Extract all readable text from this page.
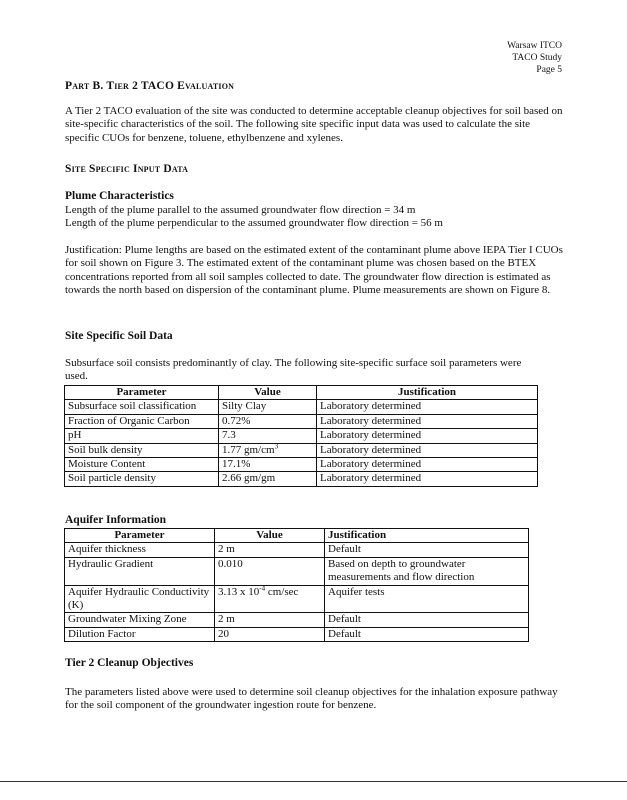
Warsaw ITCO
TACO Study
Page 5
Part B. Tier 2 TACO Evaluation
A Tier 2 TACO evaluation of the site was conducted to determine acceptable cleanup objectives for soil based on site-specific characteristics of the soil. The following site specific input data was used to calculate the site specific CUOs for benzene, toluene, ethylbenzene and xylenes.
Site Specific Input Data
Plume Characteristics

Length of the plume parallel to the assumed groundwater flow direction = 34 m

Length of the plume perpendicular to the assumed groundwater flow direction = 56 m

Justification: Plume lengths are based on the estimated extent of the contaminant plume above IEPA Tier I CUOs for soil shown on Figure 3. The estimated extent of the contaminant plume was chosen based on the BTEX concentrations reported from all soil samples collected to date. The groundwater flow direction is estimated as towards the north based on dispersion of the contaminant plume. Plume measurements are shown on Figure 8.
Site Specific Soil Data
Subsurface soil consists predominantly of clay. The following site-specific surface soil parameters were used.
Parameter	Value	Justification
Subsurface soil classification	Silty Clay	Laboratory determined
Fraction of Organic Carbon	0.72%	Laboratory determined
pH	7.3	Laboratory determined
Soil bulk density	1.77 $gm/cm^3$	Laboratory determined
Moisture Content	17.1%	Laboratory determined
Soil particle density	2.66 gm/gm	Laboratory determined
Aquifer Information
Parameter	Value	Justification
Aquifer thickness	2 m	Default
Hydraulic Gradient	0.010	Based on depth to groundwater measurements and flow direction
Aquifer Hydraulic Conductivity (K)	3.13 x $10^{-4}$ cm/sec	Aquifer tests
Groundwater Mixing Zone	2 m	Default
Dilution Factor	20	Default
Tier 2 Cleanup Objectives
The parameters listed above were used to determine soil cleanup objectives for the inhalation exposure pathway for the soil component of the groundwater ingestion route for benzene.
